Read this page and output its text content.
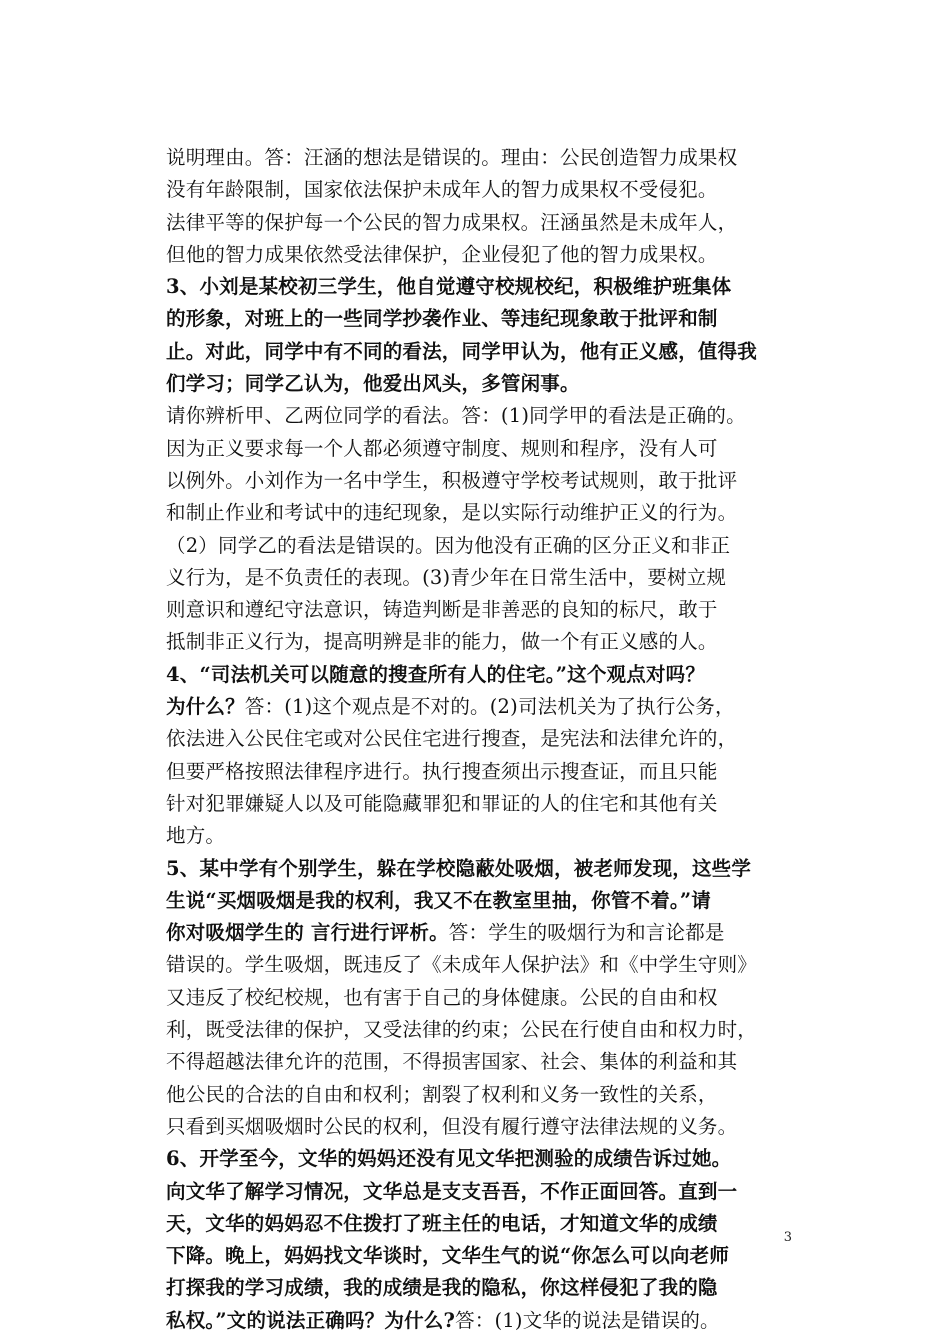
说明理由。答：汪涵的想法是错误的。理由：公民创造智力成果权
没有年龄限制，国家依法保护未成年人的智力成果权不受侵犯。
法律平等的保护每一个公民的智力成果权。汪涵虽然是未成年人，
但他的智力成果依然受法律保护，企业侵犯了他的智力成果权。
3、小刘是某校初三学生，他自觉遵守校规校纪，积极维护班集体
的形象，对班上的一些同学抄袭作业、等违纪现象敢于批评和制
止。对此，同学中有不同的看法，同学甲认为，他有正义感，值得我
们学习；同学乙认为，他爱出风头，多管闲事。
请你辨析甲、乙两位同学的看法。答：(1)同学甲的看法是正确的。
因为正义要求每一个人都必须遵守制度、规则和程序，没有人可
以例外。小刘作为一名中学生，积极遵守学校考试规则，敢于批评
和制止作业和考试中的违纪现象，是以实际行动维护正义的行为。
（2）同学乙的看法是错误的。因为他没有正确的区分正义和非正
义行为，是不负责任的表现。(3)青少年在日常生活中，要树立规
则意识和遵纪守法意识，铸造判断是非善恶的良知的标尺，敢于
抵制非正义行为，提高明辨是非的能力，做一个有正义感的人。
4、“司法机关可以随意的搜查所有人的住宅。”这个观点对吗？
为什么？答：(1)这个观点是不对的。(2)司法机关为了执行公务，
依法进入公民住宅或对公民住宅进行搜查，是宪法和法律允许的，
但要严格按照法律程序进行。执行搜查须出示搜查证，而且只能
针对犯罪嫌疑人以及可能隐藏罪犯和罪证的人的住宅和其他有关
地方。
5、某中学有个别学生，躲在学校隐蔽处吸烟，被老师发现，这些学
生说“买烟吸烟是我的权利，我又不在教室里抽，你管不着。”请
你对吸烟学生的 言行进行评析。答：学生的吸烟行为和言论都是
错误的。学生吸烟，既违反了《未成年人保护法》和《中学生守则》
又违反了校纪校规，也有害于自己的身体健康。公民的自由和权
利，既受法律的保护，又受法律的约束；公民在行使自由和权力时，
不得超越法律允许的范围，不得损害国家、社会、集体的利益和其
他公民的合法的自由和权利；割裂了权利和义务一致性的关系，
只看到买烟吸烟时公民的权利，但没有履行遵守法律法规的义务。
6、开学至今，文华的妈妈还没有见文华把测验的成绩告诉过她。
向文华了解学习情况，文华总是支支吾吾，不作正面回答。直到一
天，文华的妈妈忍不住拨打了班主任的电话，才知道文华的成绩
下降。晚上，妈妈找文华谈时，文华生气的说“你怎么可以向老师
打探我的学习成绩，我的成绩是我的隐私，你这样侵犯了我的隐
私权。”文的说法正确吗？为什么?答：(1)文华的说法是错误的。
3
